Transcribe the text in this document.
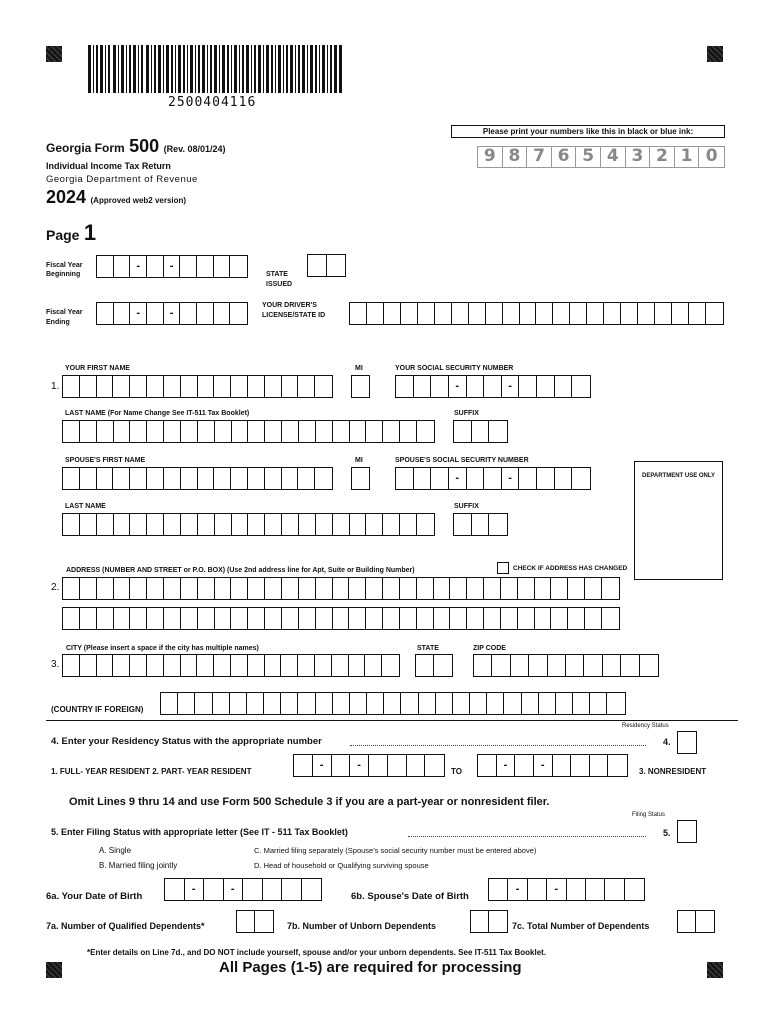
2500404116
Georgia Form 500 (Rev. 08/01/24)
Individual Income Tax Return
Georgia Department of Revenue
2024 (Approved web2 version)
Page 1
Please print your numbers like this in black or blue ink:
9 8 7 6 5 4 3 2 1 0
Fiscal Year Beginning
-	-
STATE ISSUED
Fiscal Year Ending
-	-
YOUR DRIVER'S LICENSE/STATE ID
YOUR FIRST NAME	MI	YOUR SOCIAL SECURITY NUMBER
1.	-	-
LAST NAME (For Name Change See IT-511 Tax Booklet)	SUFFIX
SPOUSE'S FIRST NAME	MI	SPOUSE'S SOCIAL SECURITY NUMBER
-	-	DEPARTMENT USE ONLY
LAST NAME	SUFFIX
ADDRESS (NUMBER AND STREET or P.O. BOX) (Use 2nd address line for Apt, Suite or Building Number)	CHECK IF ADDRESS HAS CHANGED
2.
CITY (Please insert a space if the city has multiple names)	STATE	ZIP CODE
3.
(COUNTRY IF FOREIGN)
Residency Status
4. Enter your Residency Status with the appropriate number	4.
1. FULL- YEAR RESIDENT 2. PART- YEAR RESIDENT
-	-
TO
-	-
3. NONRESIDENT
Omit Lines 9 thru 14 and use Form 500 Schedule 3 if you are a part-year or nonresident filer.
Filing Status
5. Enter Filing Status with appropriate letter (See IT - 511 Tax Booklet)	5.
A. Single
B. Married filing jointly
C. Married filing separately (Spouse's social security number must be entered above)
D. Head of household or Qualifying surviving spouse
6a. Your Date of Birth
-	-
6b. Spouse's Date of Birth
-	-
7a. Number of Qualified Dependents*	7b. Number of Unborn Dependents	7c. Total Number of Dependents
*Enter details on Line 7d., and DO NOT include yourself, spouse and/or your unborn dependents. See IT-511 Tax Booklet.
All Pages (1-5) are required for processing
